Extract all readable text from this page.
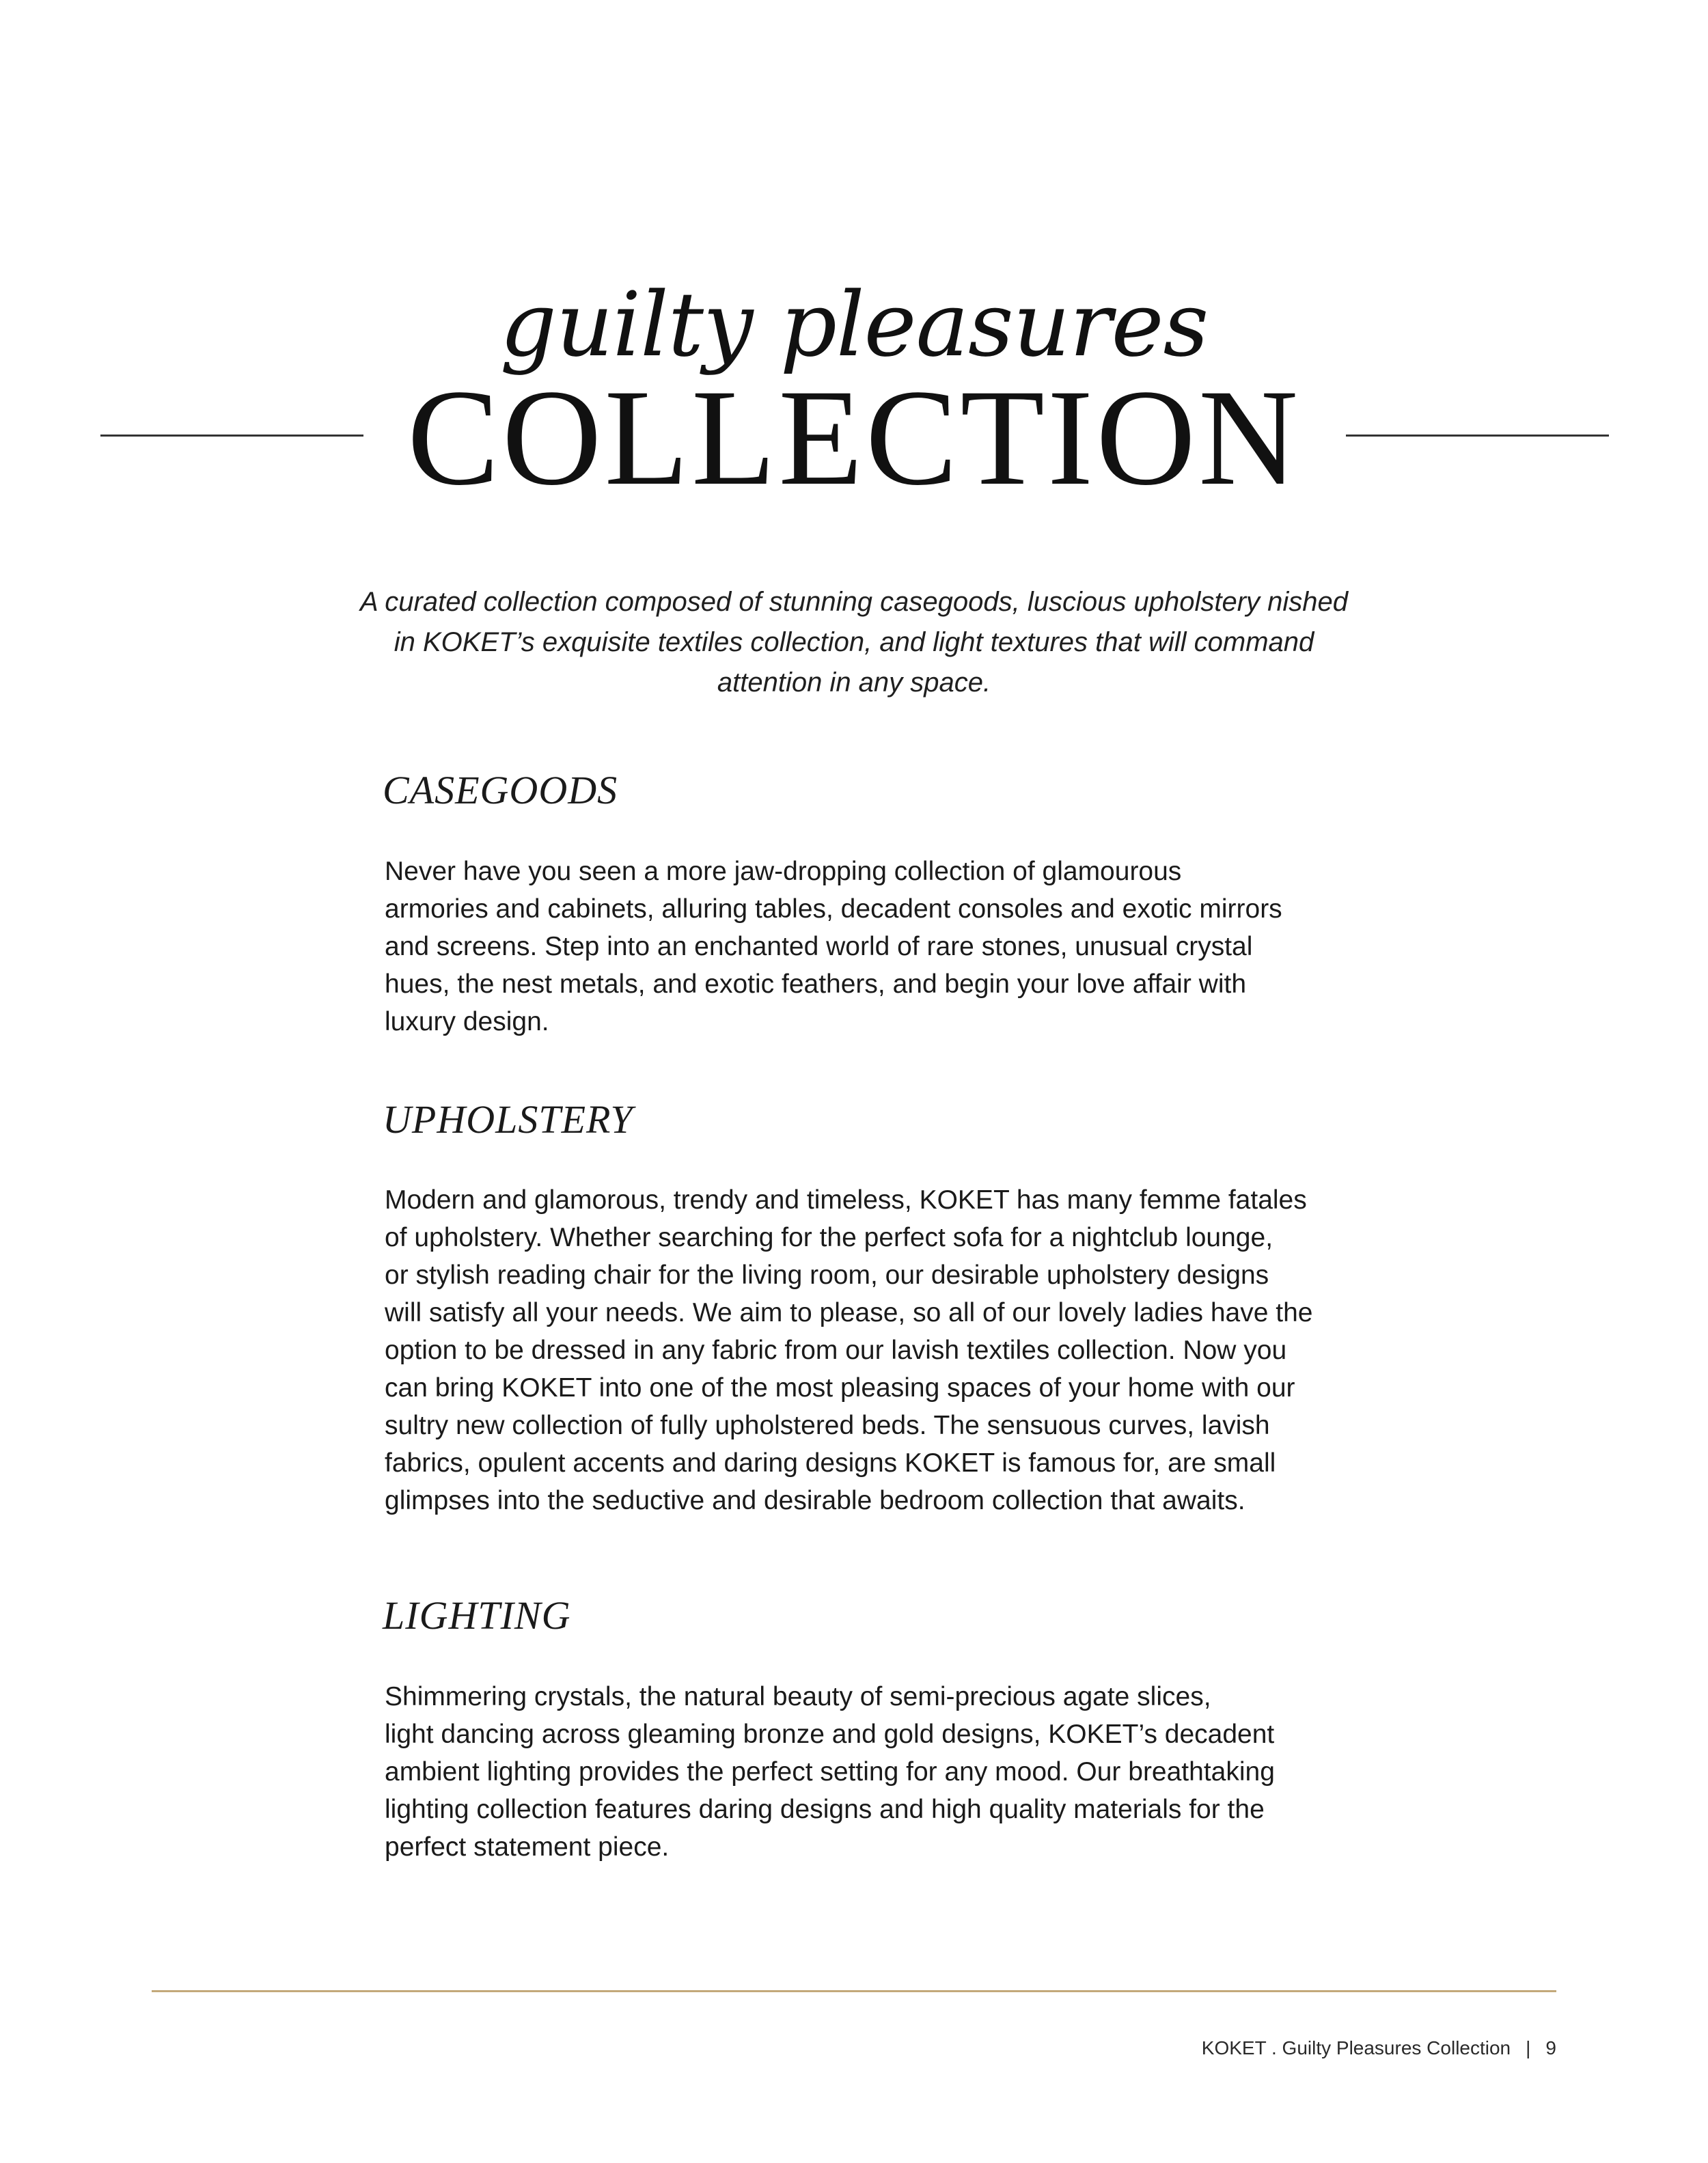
guilty pleasures
COLLECTION
A curated collection composed of stunning casegoods, luscious upholstery nished
in KOKET’s exquisite textiles collection, and light textures that will command
attention in any space.
CASEGOODS

Never have you seen a more jaw-dropping collection of glamourous

armories and cabinets, alluring tables, decadent consoles and exotic mirrors

and screens. Step into an enchanted world of rare stones, unusual crystal

hues, the nest metals, and exotic feathers, and begin your love affair with

luxury design.

UPHOLSTERY

Modern and glamorous, trendy and timeless, KOKET has many femme fatales

of upholstery. Whether searching for the perfect sofa for a nightclub lounge,

or stylish reading chair for the living room, our desirable upholstery designs

will satisfy all your needs. We aim to please, so all of our lovely ladies have the

option to be dressed in any fabric from our lavish textiles collection. Now you

can bring KOKET into one of the most pleasing spaces of your home with our

sultry new collection of fully upholstered beds. The sensuous curves, lavish

fabrics, opulent accents and daring designs KOKET is famous for, are small

glimpses into the seductive and desirable bedroom collection that awaits.

LIGHTING

Shimmering crystals, the natural beauty of semi-precious agate slices,

light dancing across gleaming bronze and gold designs, KOKET’s decadent

ambient lighting provides the perfect setting for any mood. Our breathtaking

lighting collection features daring designs and high quality materials for the

perfect statement piece.

KOKET . Guilty Pleasures Collection | 9
